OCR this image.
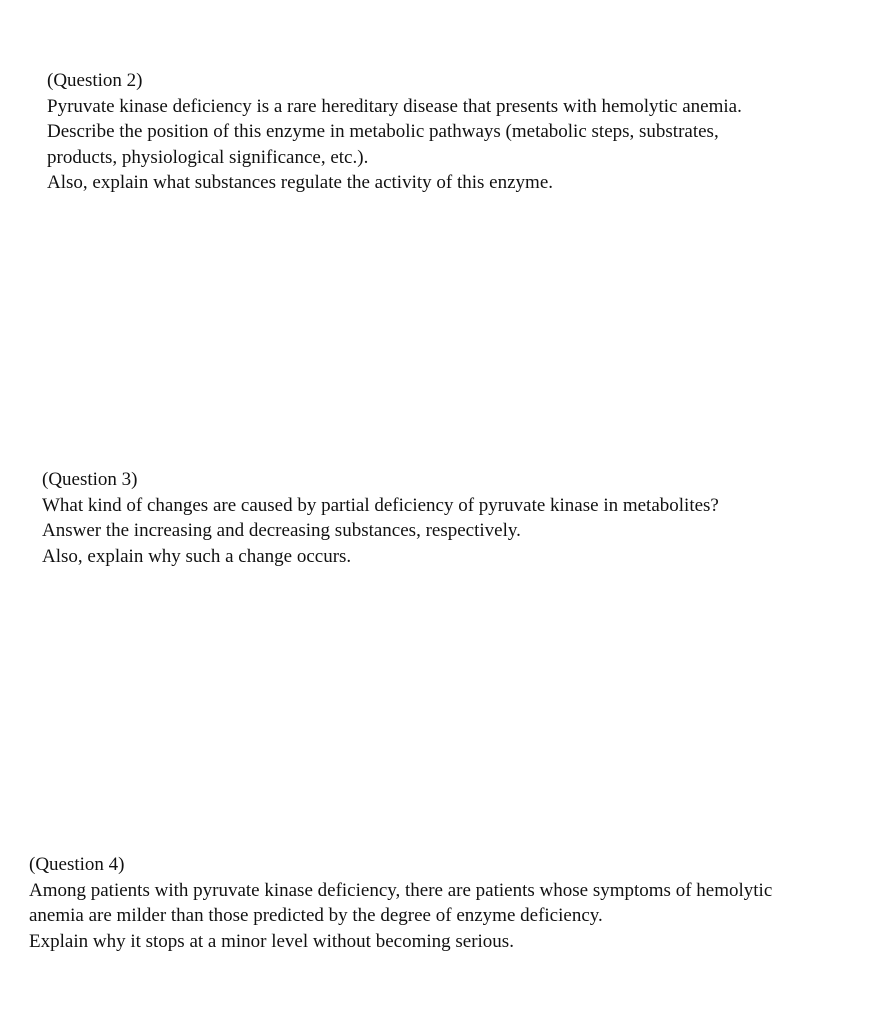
(Question 2)
Pyruvate kinase deficiency is a rare hereditary disease that presents with hemolytic anemia.
Describe the position of this enzyme in metabolic pathways (metabolic steps, substrates,
products, physiological significance, etc.).
Also, explain what substances regulate the activity of this enzyme.
(Question 3)
What kind of changes are caused by partial deficiency of pyruvate kinase in metabolites?
Answer the increasing and decreasing substances, respectively.
Also, explain why such a change occurs.
(Question 4)
Among patients with pyruvate kinase deficiency, there are patients whose symptoms of hemolytic
anemia are milder than those predicted by the degree of enzyme deficiency.
Explain why it stops at a minor level without becoming serious.
